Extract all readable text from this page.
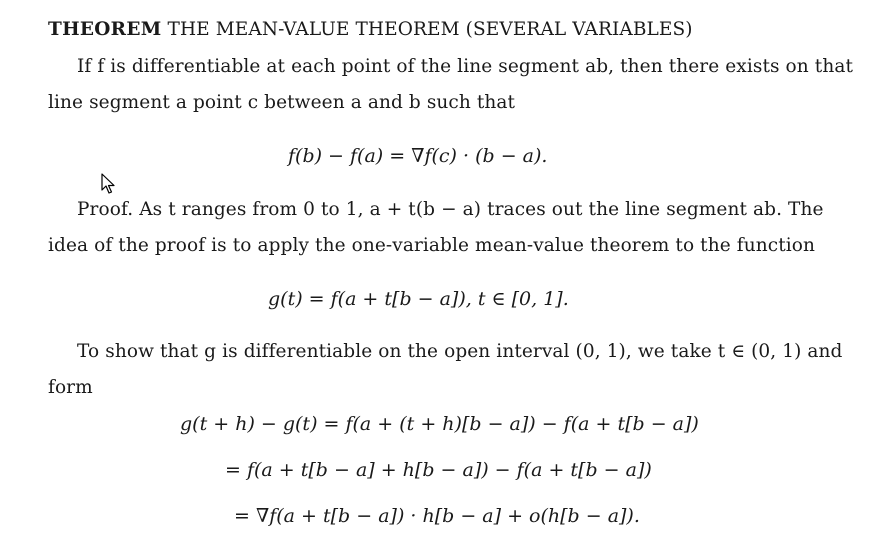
THEOREM THE MEAN-VALUE THEOREM (SEVERAL VARIABLES)
If f is differentiable at each point of the line segment ab, then there exists on that
line segment a point c between a and b such that
f(b) − f(a) = ∇f(c) · (b − a).
Proof. As t ranges from 0 to 1, a + t(b − a) traces out the line segment ab. The
idea of the proof is to apply the one-variable mean-value theorem to the function
g(t) = f(a + t[b − a]), t ∈ [0, 1].
To show that g is differentiable on the open interval (0, 1), we take t ∈ (0, 1) and
form
g(t + h) − g(t) = f(a + (t + h)[b − a]) − f(a + t[b − a])
= f(a + t[b − a] + h[b − a]) − f(a + t[b − a])
= ∇f(a + t[b − a]) · h[b − a] + o(h[b − a]).
